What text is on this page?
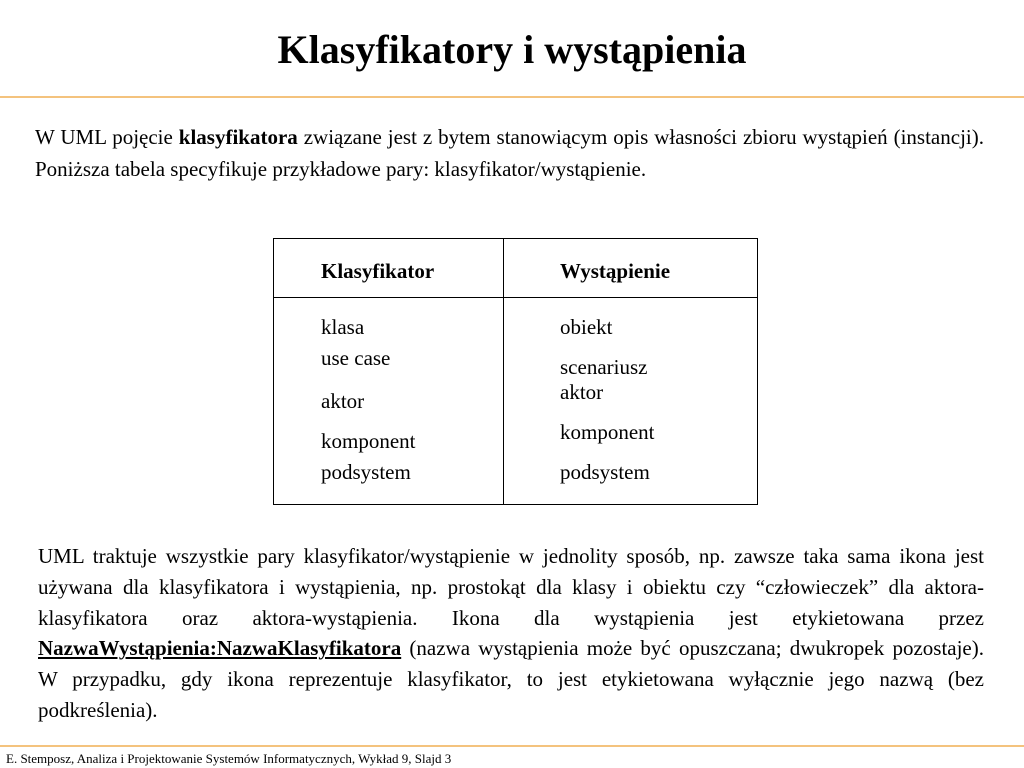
Klasyfikatory i wystąpienia
W UML pojęcie klasyfikatora związane jest z bytem stanowiącym opis własności zbioru wystąpień (instancji). Poniższa tabela specyfikuje przykładowe pary: klasyfikator/wystąpienie.
Klasyfikator	Wystąpienie
klasa
use case
aktor
komponent
podsystem
obiekt
scenariusz
aktor
komponent
podsystem
UML traktuje wszystkie pary klasyfikator/wystąpienie w jednolity sposób, np. zawsze taka sama ikona jest używana dla klasyfikatora i wystąpienia, np. prostokąt dla klasy i obiektu czy “człowieczek” dla aktora-klasyfikatora oraz aktora-wystąpienia. Ikona dla wystąpienia jest etykietowana przez NazwaWystąpienia:NazwaKlasyfikatora (nazwa wystąpienia może być opuszczana; dwukropek pozostaje). W przypadku, gdy ikona reprezentuje klasyfikator, to jest etykietowana wyłącznie jego nazwą (bez podkreślenia).
E. Stemposz, Analiza i Projektowanie Systemów Informatycznych, Wykład 9, Slajd 3
